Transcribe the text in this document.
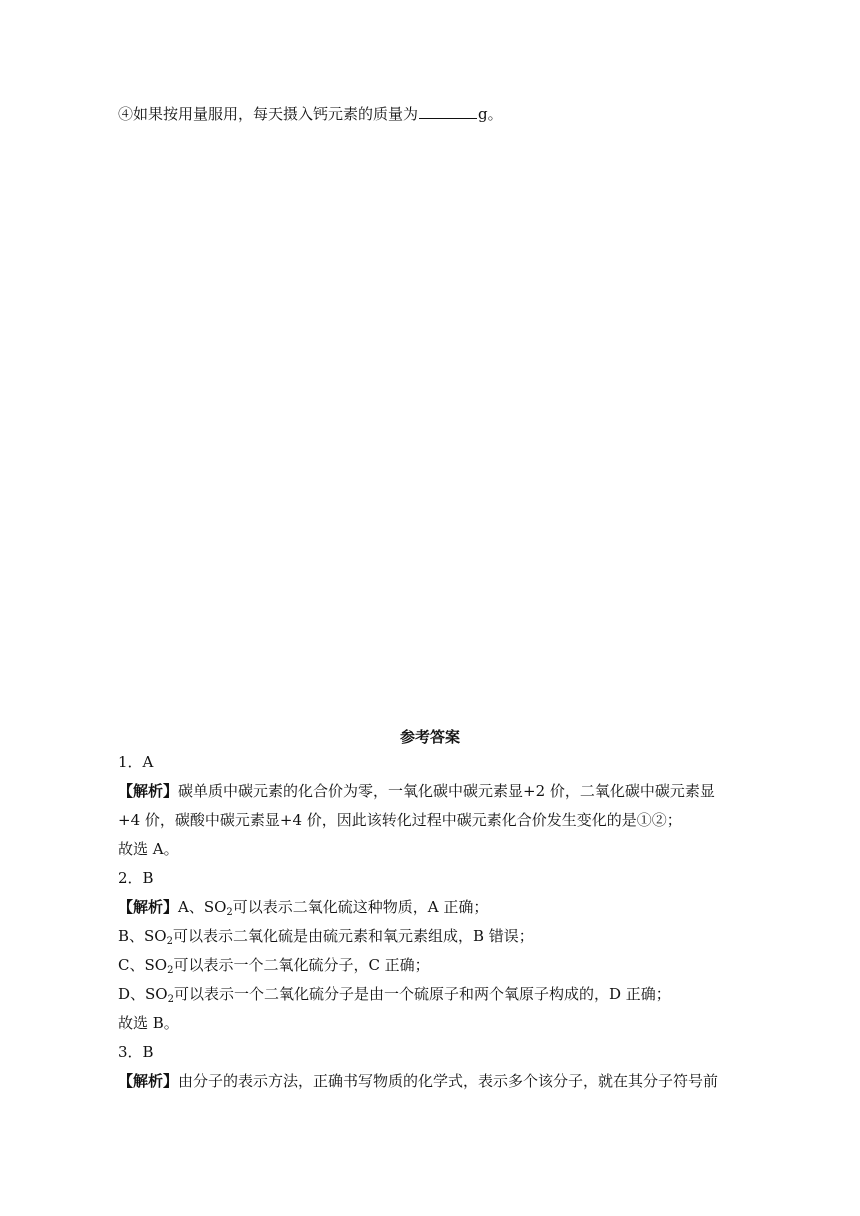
④如果按用量服用，每天摄入钙元素的质量为	g。
参考答案
1．A
【解析】碳单质中碳元素的化合价为零，一氧化碳中碳元素显+2 价，二氧化碳中碳元素显
+4 价，碳酸中碳元素显+4 价，因此该转化过程中碳元素化合价发生变化的是①②；
故选 A。
2．B
【解析】A、$SO_2$可以表示二氧化硫这种物质，A 正确；
B、$SO_2$可以表示二氧化硫是由硫元素和氧元素组成，B 错误；
C、$SO_2$可以表示一个二氧化硫分子，C 正确；
D、$SO_2$可以表示一个二氧化硫分子是由一个硫原子和两个氧原子构成的，D 正确；
故选 B。
3．B
【解析】由分子的表示方法，正确书写物质的化学式，表示多个该分子，就在其分子符号前
